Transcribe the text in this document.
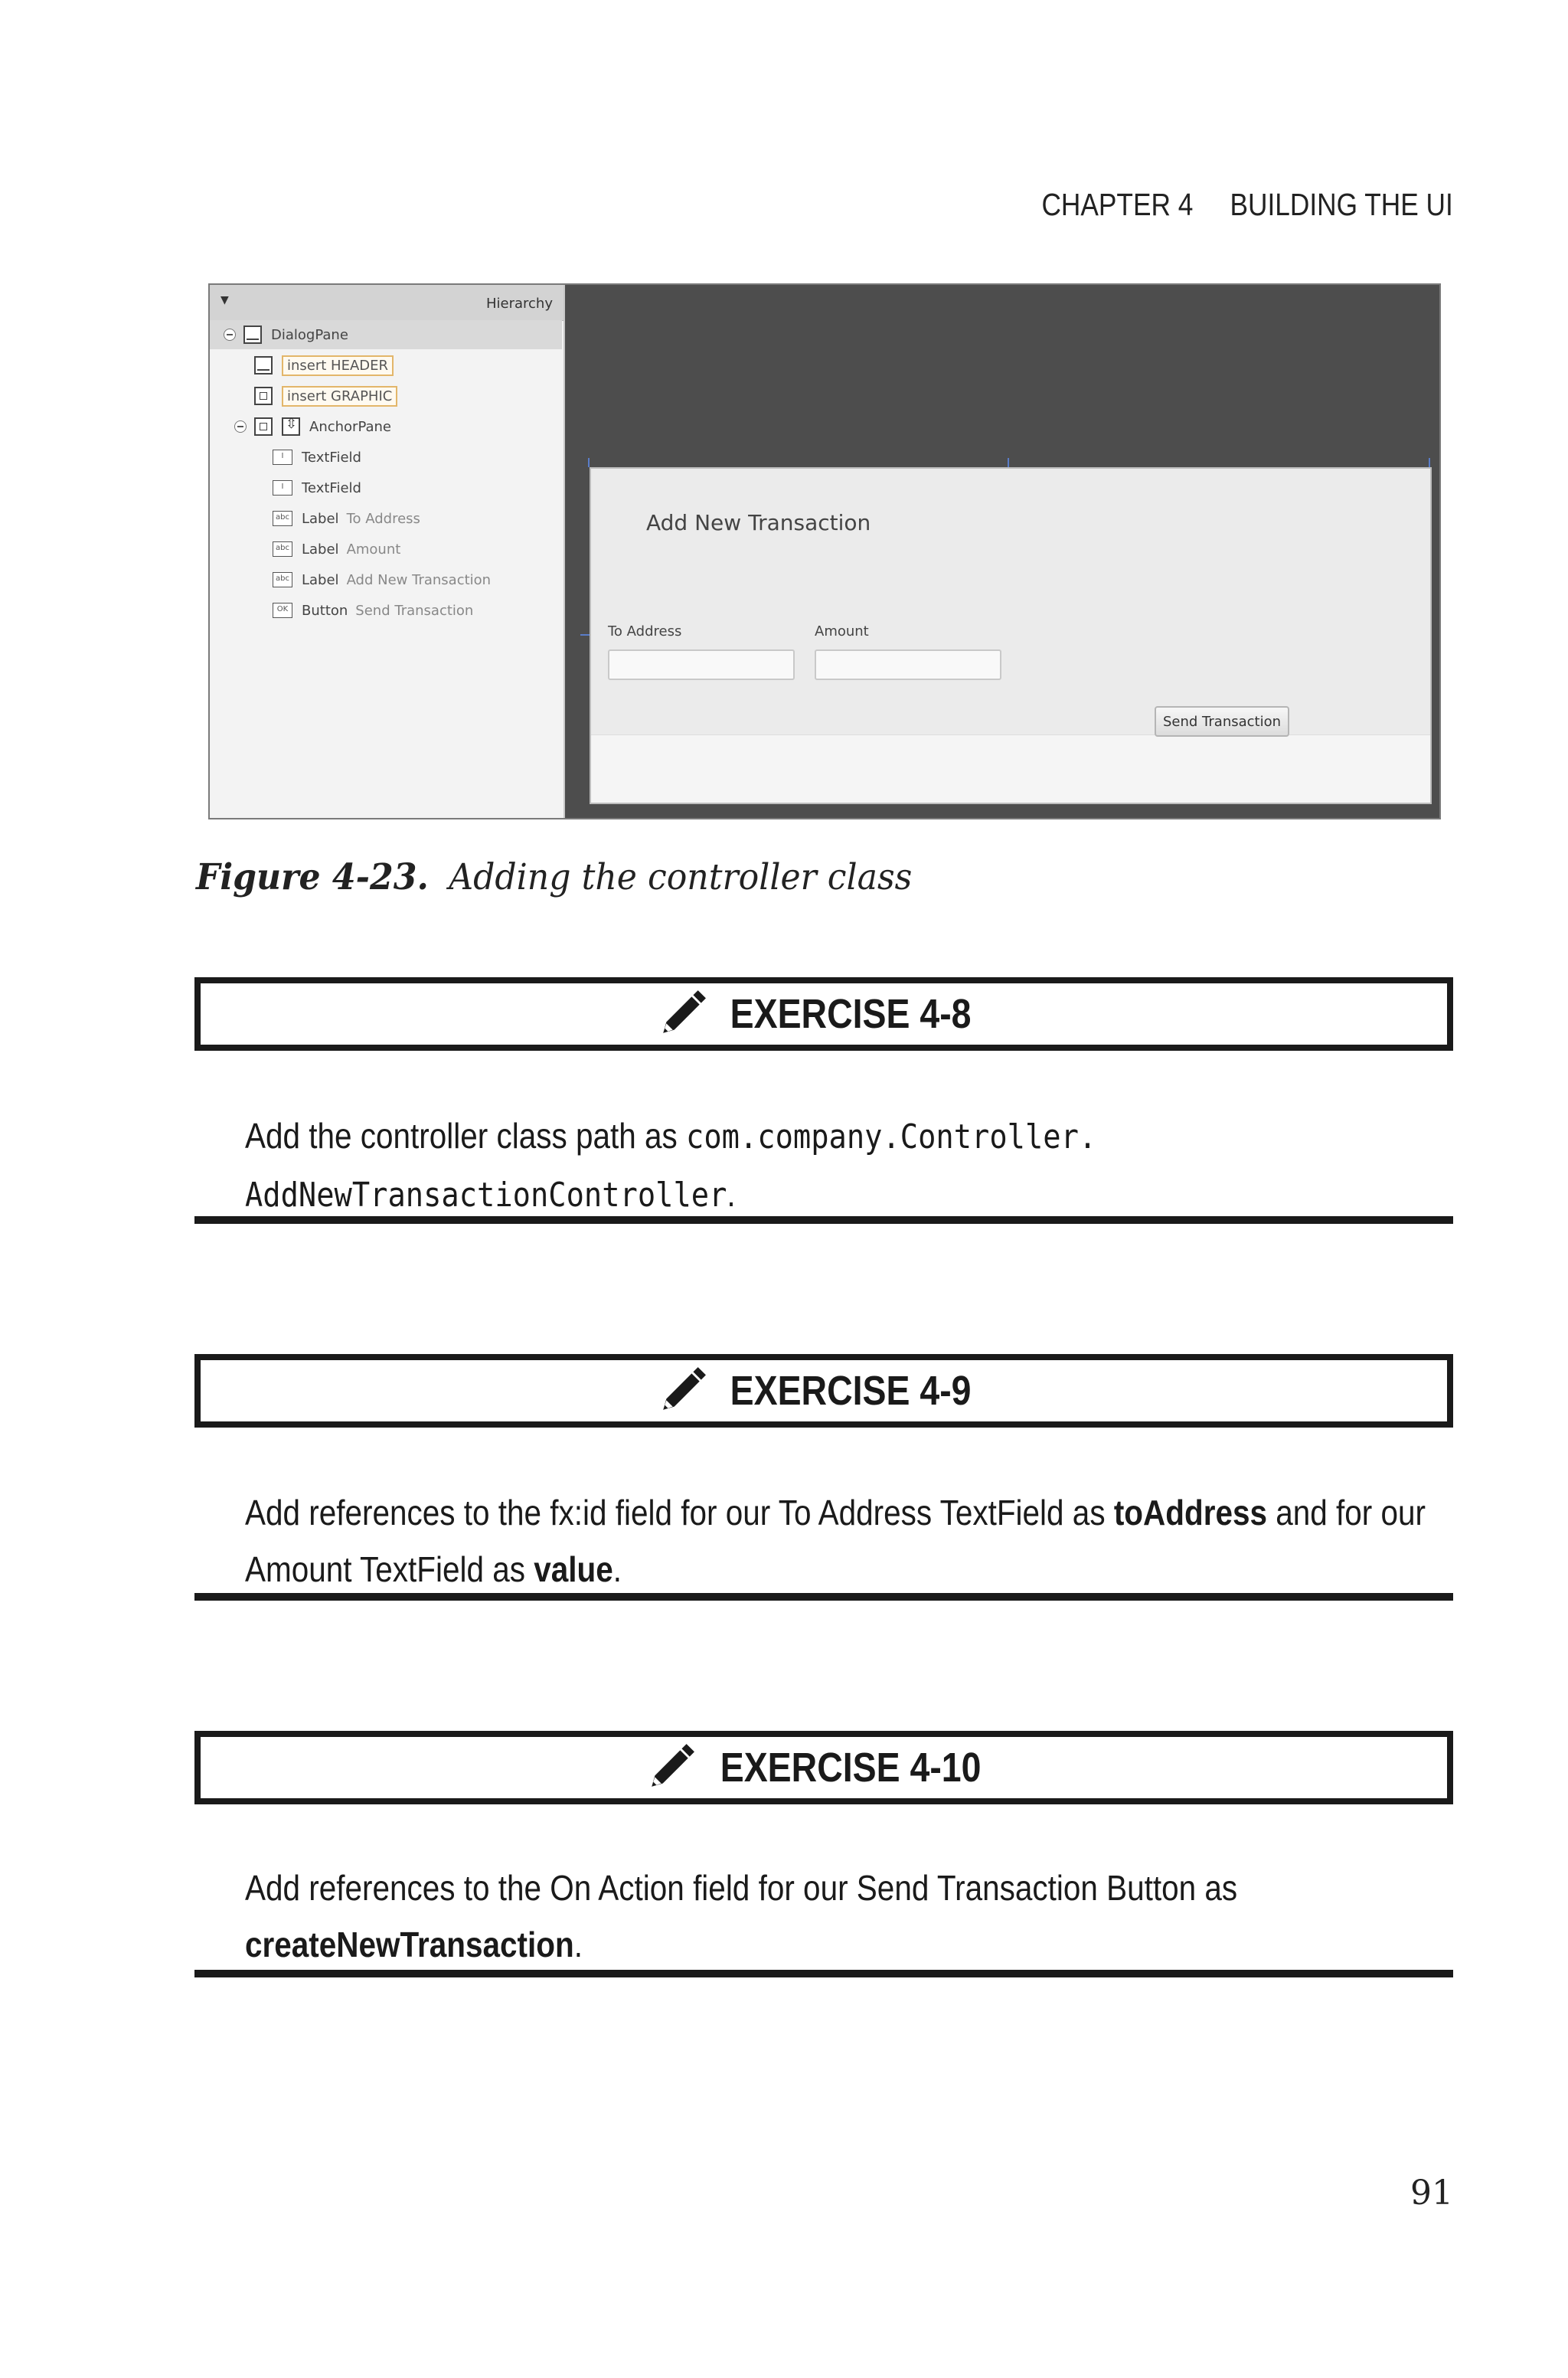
CHAPTER 4 BUILDING THE UI
▼	Hierarchy
DialogPane
insert HEADER
insert GRAPHIC
⇳
AnchorPane
I	TextField
I	TextField
abc Label To Address
abc Label Amount
abc Label Add New Transaction
OK Button Send Transaction
Add New Transaction
To Address	Amount
Send Transaction
Figure 4-23. Adding the controller class
EXERCISE 4-8
Add the controller class path as com.company.Controller.
AddNewTransactionController.
EXERCISE 4-9
Add references to the fx:id field for our To Address TextField as toAddress and for our Amount TextField as value.
EXERCISE 4-10
Add references to the On Action field for our Send Transaction Button as createNewTransaction.
91
